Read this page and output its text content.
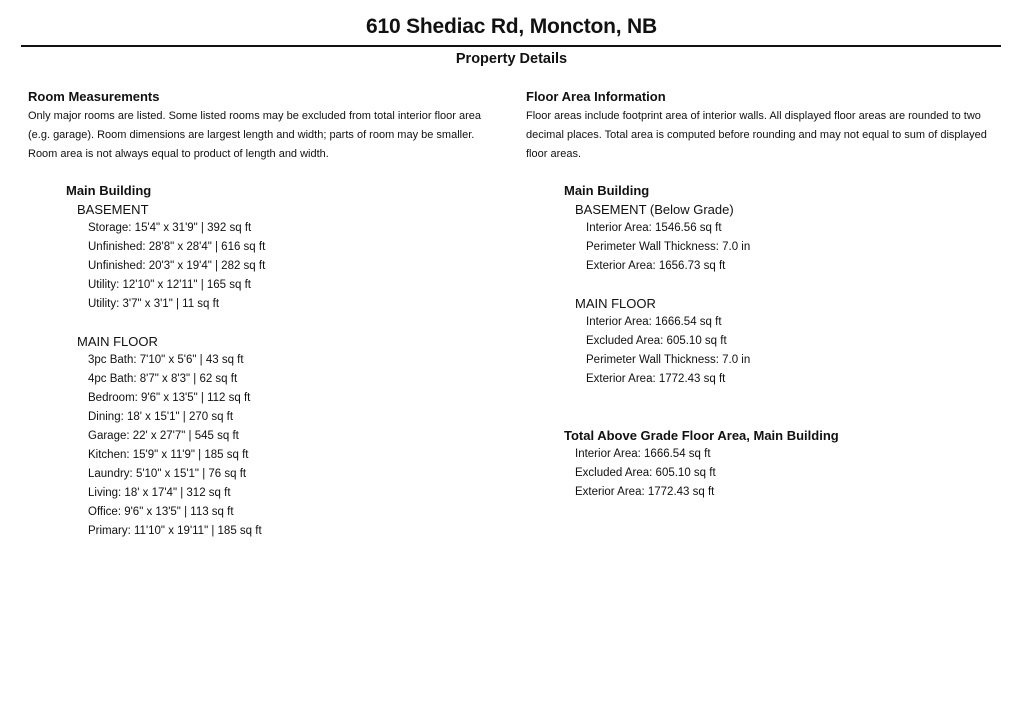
610 Shediac Rd, Moncton, NB
Property Details
Room Measurements
Only major rooms are listed. Some listed rooms may be excluded from total interior floor area
(e.g. garage). Room dimensions are largest length and width; parts of room may be smaller.
Room area is not always equal to product of length and width.
Main Building
BASEMENT
Storage: 15'4" x 31'9" | 392 sq ft
Unfinished: 28'8" x 28'4" | 616 sq ft
Unfinished: 20'3" x 19'4" | 282 sq ft
Utility: 12'10" x 12'11" | 165 sq ft
Utility: 3'7" x 3'1" | 11 sq ft
MAIN FLOOR
3pc Bath: 7'10" x 5'6" | 43 sq ft
4pc Bath: 8'7" x 8'3" | 62 sq ft
Bedroom: 9'6" x 13'5" | 112 sq ft
Dining: 18' x 15'1" | 270 sq ft
Garage: 22' x 27'7" | 545 sq ft
Kitchen: 15'9" x 11'9" | 185 sq ft
Laundry: 5'10" x 15'1" | 76 sq ft
Living: 18' x 17'4" | 312 sq ft
Office: 9'6" x 13'5" | 113 sq ft
Primary: 11'10" x 19'11" | 185 sq ft
Floor Area Information
Floor areas include footprint area of interior walls. All displayed floor areas are rounded to two
decimal places. Total area is computed before rounding and may not equal to sum of displayed
floor areas.
Main Building
BASEMENT (Below Grade)
Interior Area: 1546.56 sq ft
Perimeter Wall Thickness: 7.0 in
Exterior Area: 1656.73 sq ft
MAIN FLOOR
Interior Area: 1666.54 sq ft
Excluded Area: 605.10 sq ft
Perimeter Wall Thickness: 7.0 in
Exterior Area: 1772.43 sq ft
Total Above Grade Floor Area, Main Building
Interior Area: 1666.54 sq ft
Excluded Area: 605.10 sq ft
Exterior Area: 1772.43 sq ft
